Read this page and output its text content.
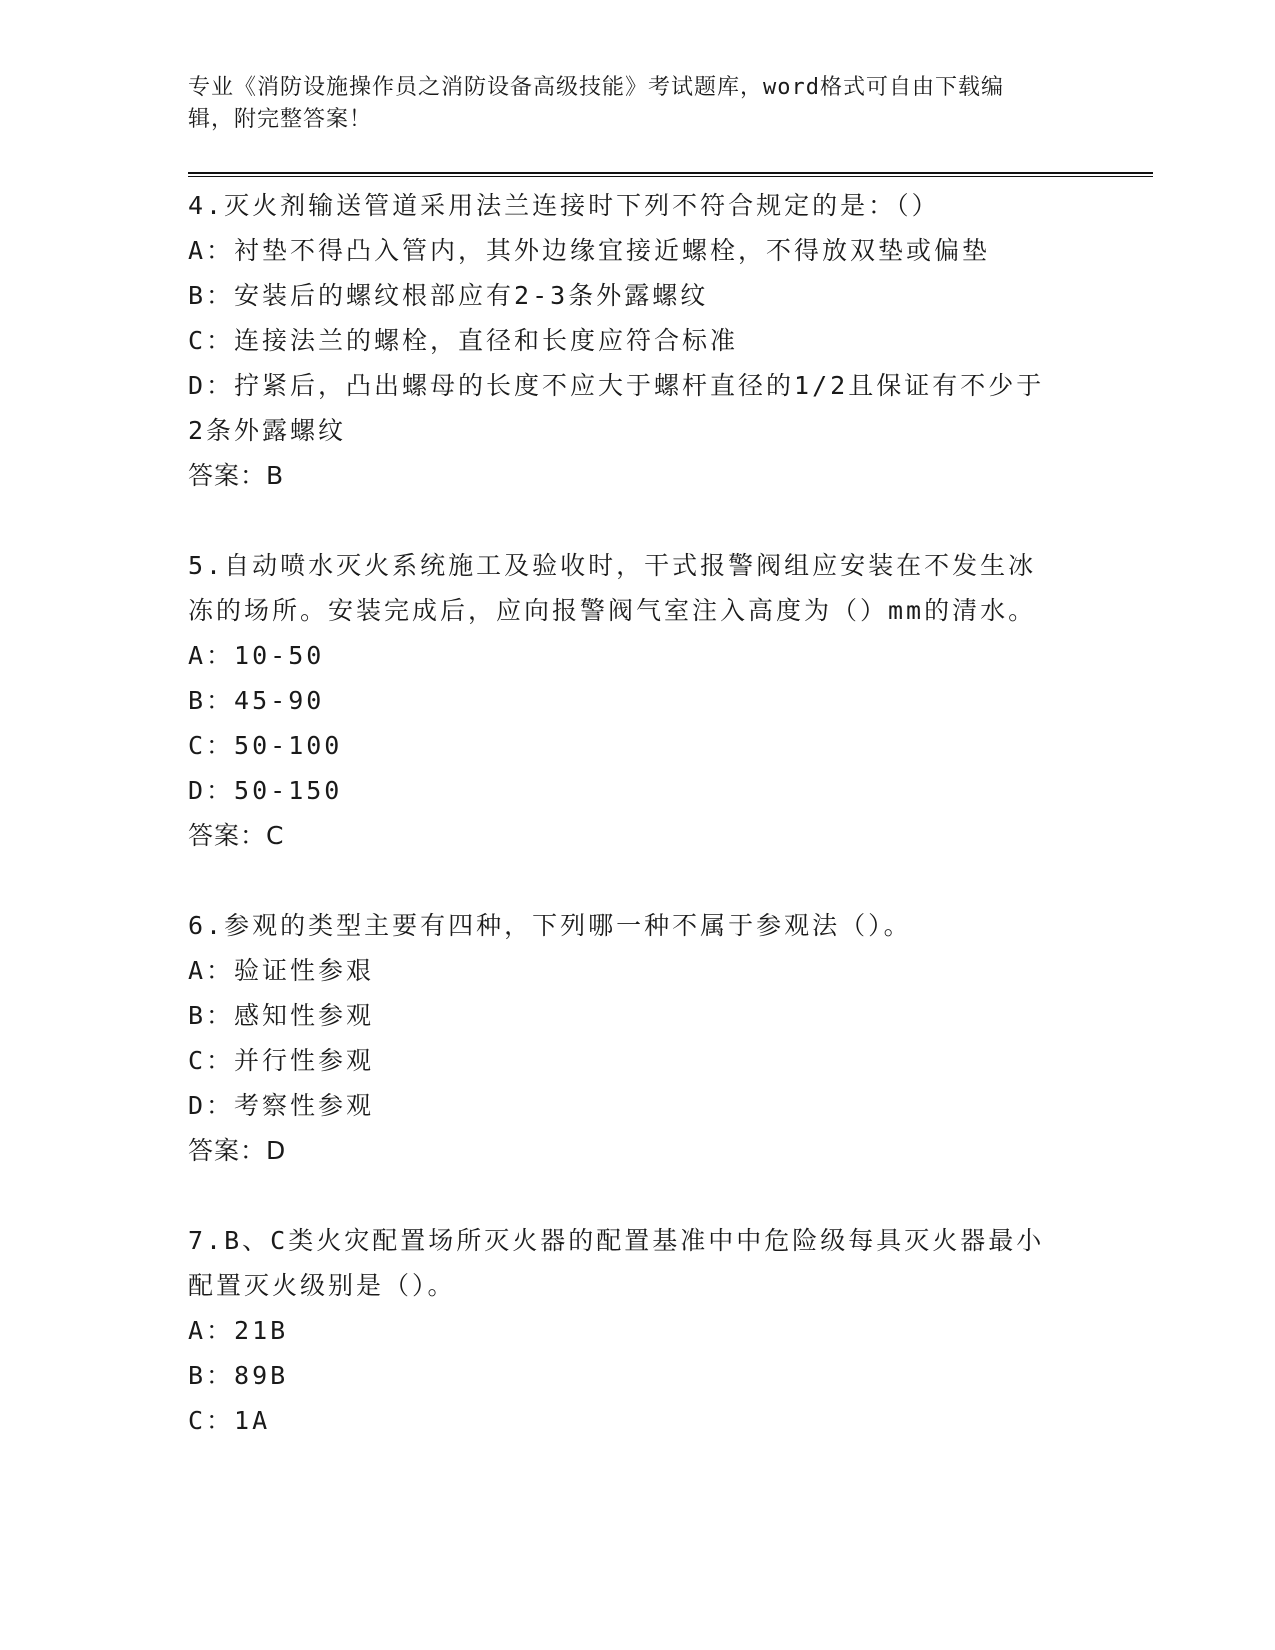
专业《消防设施操作员之消防设备高级技能》考试题库，word格式可自由下载编

辑，附完整答案！

4.灭火剂输送管道采用法兰连接时下列不符合规定的是：（）

A：衬垫不得凸入管内，其外边缘宜接近螺栓，不得放双垫或偏垫

B：安装后的螺纹根部应有2-3条外露螺纹

C：连接法兰的螺栓，直径和长度应符合标准

D：拧紧后，凸出螺母的长度不应大于螺杆直径的1/2且保证有不少于

2条外露螺纹

答案：B

5.自动喷水灭火系统施工及验收时，干式报警阀组应安装在不发生冰

冻的场所。安装完成后，应向报警阀气室注入高度为（）mm的清水。

A：10-50

B：45-90

C：50-100

D：50-150

答案：C

6.参观的类型主要有四种，下列哪一种不属于参观法（）。

A：验证性参艰

B：感知性参观

C：并行性参观

D：考察性参观

答案：D

7.B、C类火灾配置场所灭火器的配置基准中中危险级每具灭火器最小

配置灭火级别是（）。

A：21B

B：89B

C：1A
